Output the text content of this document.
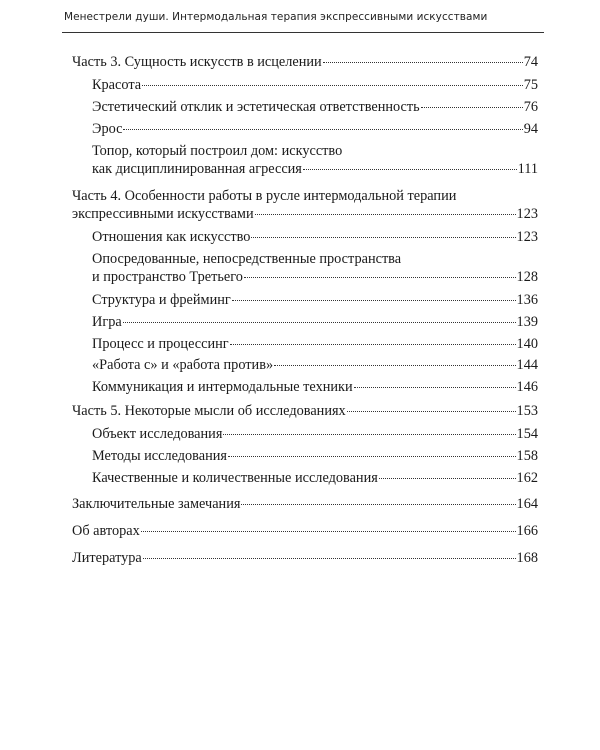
Менестрели души. Интермодальная терапия экспрессивными искусствами
Часть 3. Сущность искусств в исцелении	74
Красота	75
Эстетический отклик и эстетическая ответственность	76
Эрос	94
Топор, который построил дом: искусство
как дисциплинированная агрессия	111
Часть 4. Особенности работы в русле интермодальной терапии
экспрессивными искусствами	123
Отношения как искусство	123
Опосредованные, непосредственные пространства
и пространство Третьего	128
Структура и фрейминг	136
Игра	139
Процесс и процессинг	140
«Работа с» и «работа против»	144
Коммуникация и интермодальные техники	146
Часть 5. Некоторые мысли об исследованиях	153
Объект исследования	154
Методы исследования	158
Качественные и количественные исследования	162
Заключительные замечания	164
Об авторах	166
Литература	168
